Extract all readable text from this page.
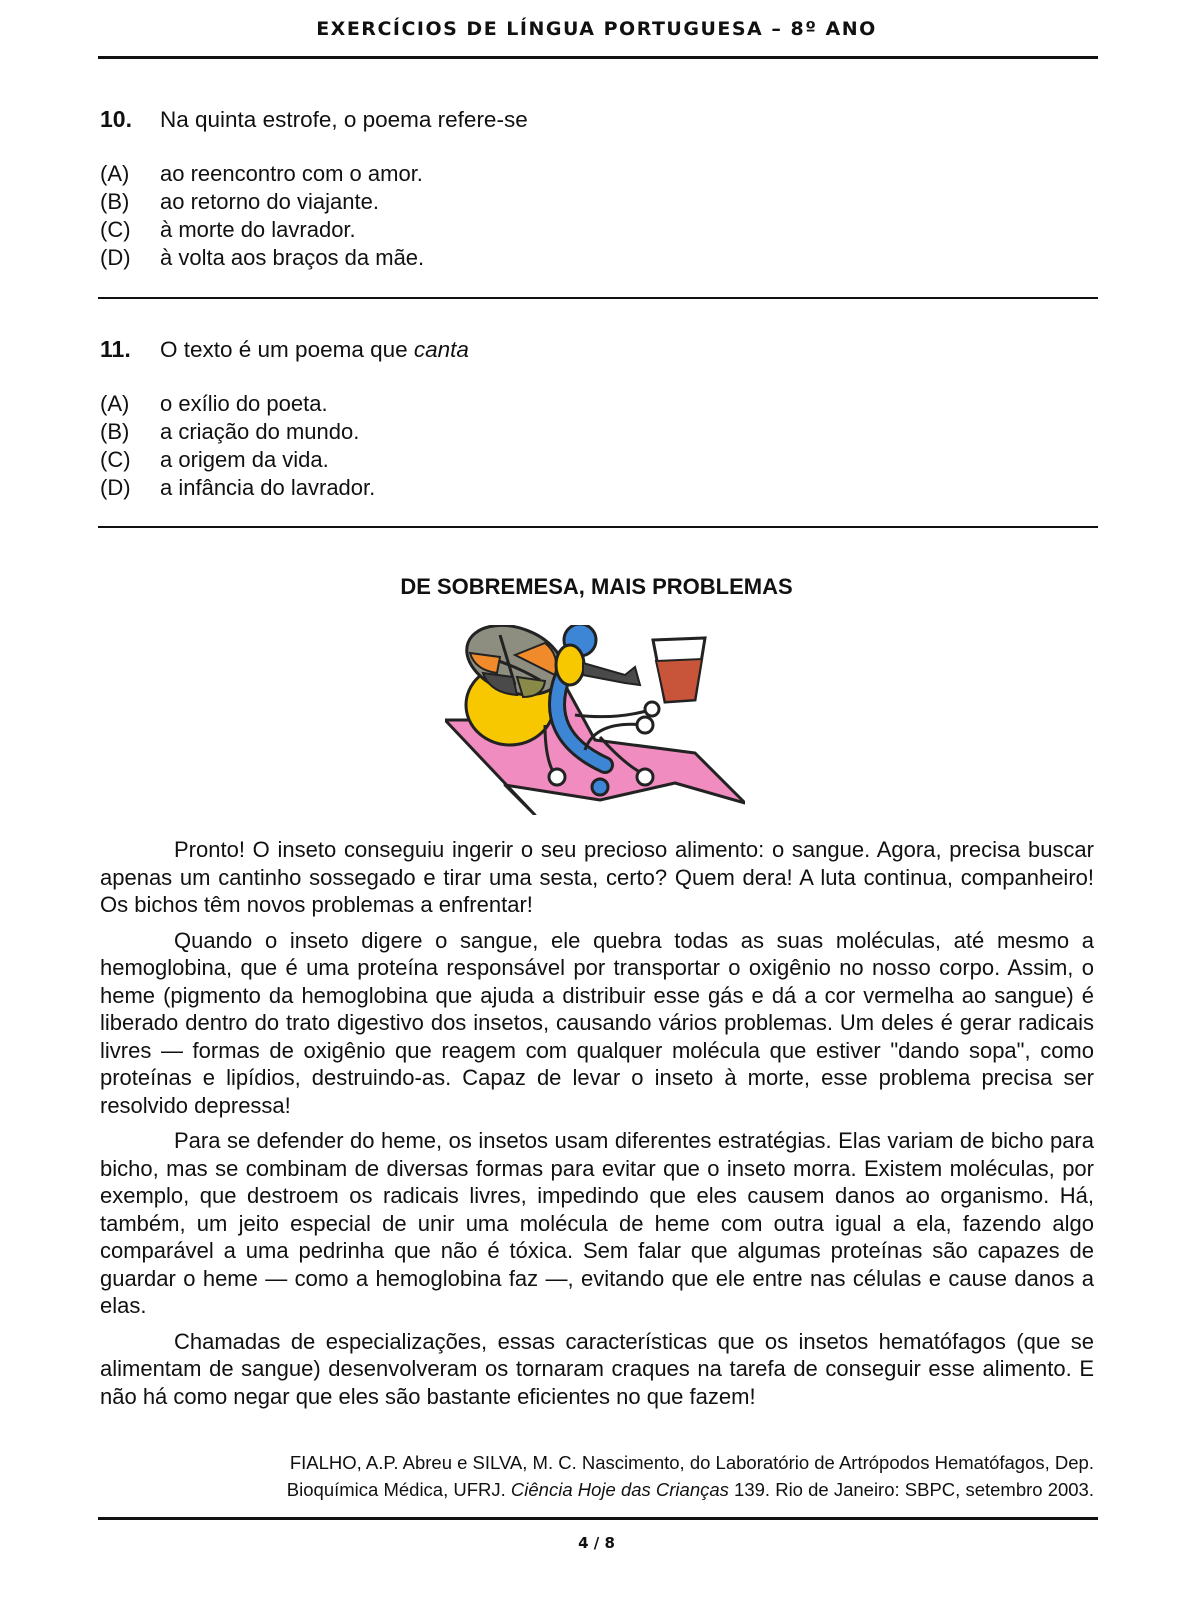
EXERCÍCIOS DE LÍNGUA PORTUGUESA – 8º ANO
10. Na quinta estrofe, o poema refere-se
(A) ao reencontro com o amor.
(B) ao retorno do viajante.
(C) à morte do lavrador.
(D) à volta aos braços da mãe.
11. O texto é um poema que canta
(A) o exílio do poeta.
(B) a criação do mundo.
(C) a origem da vida.
(D) a infância do lavrador.
DE SOBREMESA, MAIS PROBLEMAS

Pronto! O inseto conseguiu ingerir o seu precioso alimento: o sangue. Agora, precisa buscar apenas um cantinho sossegado e tirar uma sesta, certo? Quem dera! A luta continua, companheiro! Os bichos têm novos problemas a enfrentar!

Quando o inseto digere o sangue, ele quebra todas as suas moléculas, até mesmo a hemoglobina, que é uma proteína responsável por transportar o oxigênio no nosso corpo. Assim, o heme (pigmento da hemoglobina que ajuda a distribuir esse gás e dá a cor vermelha ao sangue) é liberado dentro do trato digestivo dos insetos, causando vários problemas. Um deles é gerar radicais livres — formas de oxigênio que reagem com qualquer molécula que estiver "dando sopa", como proteínas e lipídios, destruindo-as. Capaz de levar o inseto à morte, esse problema precisa ser resolvido depressa!

Para se defender do heme, os insetos usam diferentes estratégias. Elas variam de bicho para bicho, mas se combinam de diversas formas para evitar que o inseto morra. Existem moléculas, por exemplo, que destroem os radicais livres, impedindo que eles causem danos ao organismo. Há, também, um jeito especial de unir uma molécula de heme com outra igual a ela, fazendo algo comparável a uma pedrinha que não é tóxica. Sem falar que algumas proteínas são capazes de guardar o heme — como a hemoglobina faz —, evitando que ele entre nas células e cause danos a elas.

Chamadas de especializações, essas características que os insetos hematófagos (que se alimentam de sangue) desenvolveram os tornaram craques na tarefa de conseguir esse alimento. E não há como negar que eles são bastante eficientes no que fazem!

FIALHO, A.P. Abreu e SILVA, M. C. Nascimento, do Laboratório de Artrópodos Hematófagos, Dep.
Bioquímica Médica, UFRJ. Ciência Hoje das Crianças 139. Rio de Janeiro: SBPC, setembro 2003.
4 / 8
